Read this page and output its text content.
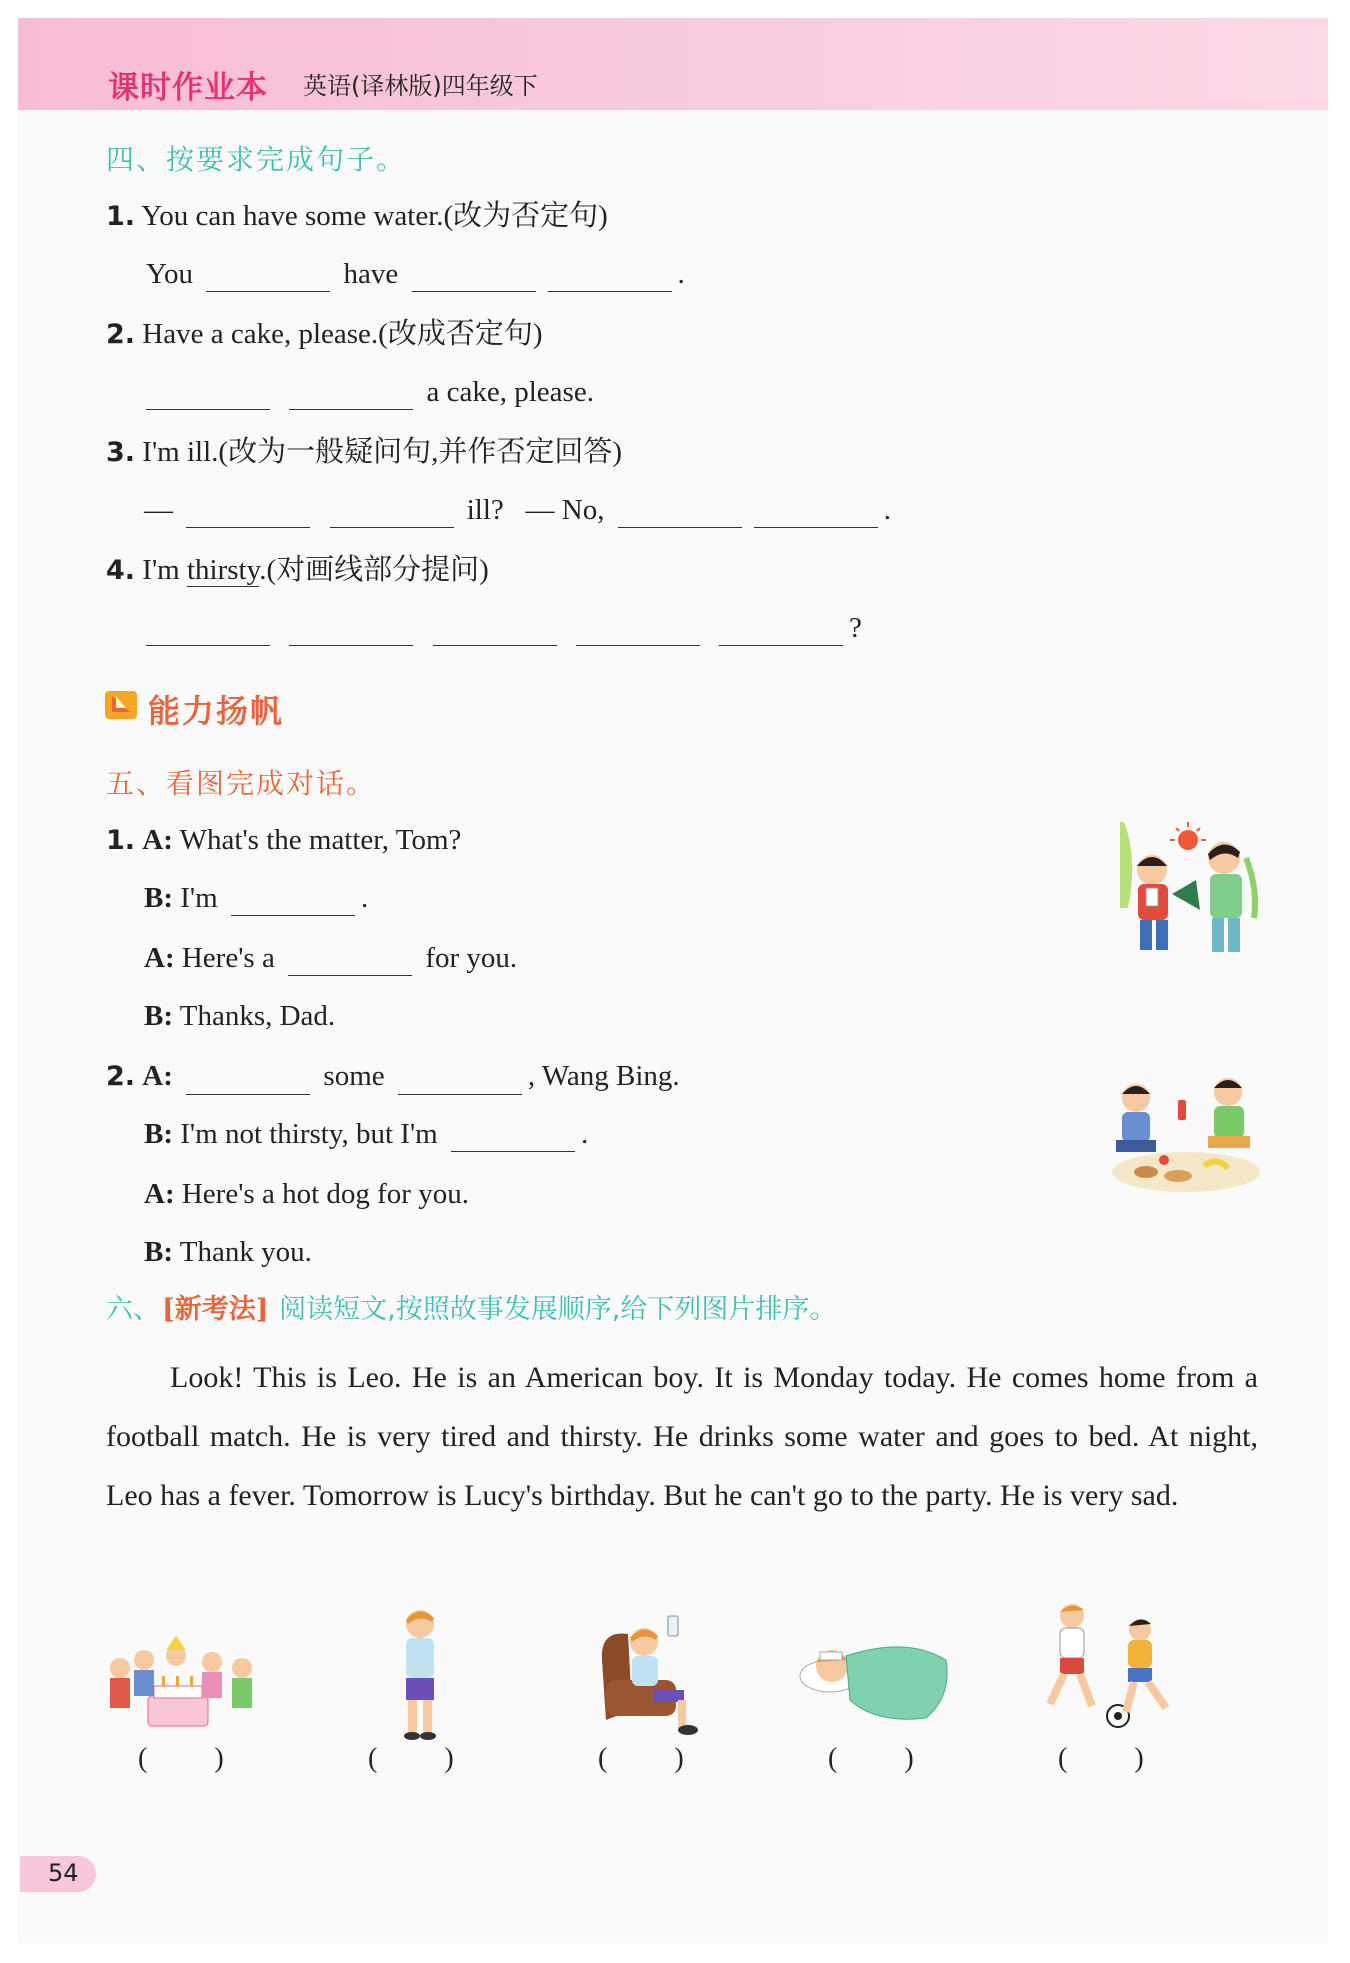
课时作业本 英语(译林版)四年级下
四、按要求完成句子。
1. You can have some water.(改为否定句)
You	have	.
2. Have a cake, please.(改成否定句)
a cake, please.
3. I'm ill.(改为一般疑问句,并作否定回答)
—	ill? — No,	.
4. I'm thirsty.(对画线部分提问)
?
能力扬帆
五、看图完成对话。
1. A: What's the matter, Tom?
B: I'm	.
A: Here's a	for you.
B: Thanks, Dad.
2. A:	some	, Wang Bing.
B: I'm not thirsty, but I'm	.
A: Here's a hot dog for you.
B: Thank you.
六、[新考法] 阅读短文,按照故事发展顺序,给下列图片排序。

Look! This is Leo. He is an American boy. It is Monday today. He comes home from a football match. He is very tired and thirsty. He drinks some water and goes to bed. At night, Leo has a fever. Tomorrow is Lucy's birthday. But he can't go to the party. He is very sad.

( )	( )	( )	( )	( )
54
